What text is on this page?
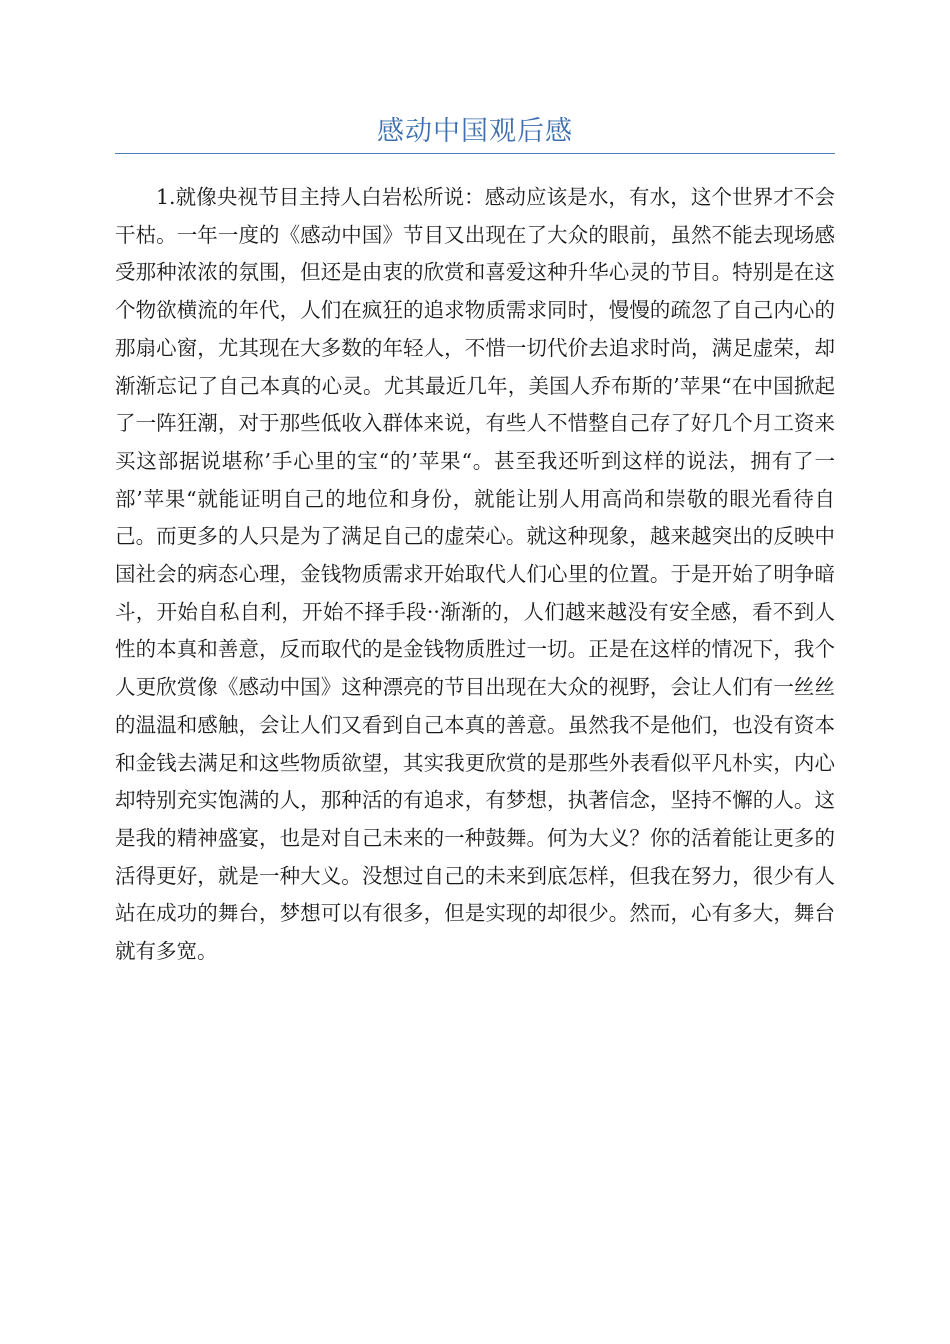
感动中国观后感

1.就像央视节目主持人白岩松所说：感动应该是水，有水，这个世界才不会干枯。一年一度的《感动中国》节目又出现在了大众的眼前，虽然不能去现场感受那种浓浓的氛围，但还是由衷的欣赏和喜爱这种升华心灵的节目。特别是在这个物欲横流的年代，人们在疯狂的追求物质需求同时，慢慢的疏忽了自己内心的那扇心窗，尤其现在大多数的年轻人，不惜一切代价去追求时尚，满足虚荣，却渐渐忘记了自己本真的心灵。尤其最近几年，美国人乔布斯的’苹果“在中国掀起了一阵狂潮，对于那些低收入群体来说，有些人不惜整自己存了好几个月工资来买这部据说堪称’手心里的宝“的’苹果“。甚至我还听到这样的说法，拥有了一部’苹果“就能证明自己的地位和身份，就能让别人用高尚和崇敬的眼光看待自己。而更多的人只是为了满足自己的虚荣心。就这种现象，越来越突出的反映中国社会的病态心理，金钱物质需求开始取代人们心里的位置。于是开始了明争暗斗，开始自私自利，开始不择手段··渐渐的，人们越来越没有安全感，看不到人性的本真和善意，反而取代的是金钱物质胜过一切。正是在这样的情况下，我个人更欣赏像《感动中国》这种漂亮的节目出现在大众的视野，会让人们有一丝丝的温温和感触，会让人们又看到自己本真的善意。虽然我不是他们，也没有资本和金钱去满足和这些物质欲望，其实我更欣赏的是那些外表看似平凡朴实，内心却特别充实饱满的人，那种活的有追求，有梦想，执著信念，坚持不懈的人。这是我的精神盛宴，也是对自己未来的一种鼓舞。何为大义？你的活着能让更多的活得更好，就是一种大义。没想过自己的未来到底怎样，但我在努力，很少有人站在成功的舞台，梦想可以有很多，但是实现的却很少。然而，心有多大，舞台就有多宽。
